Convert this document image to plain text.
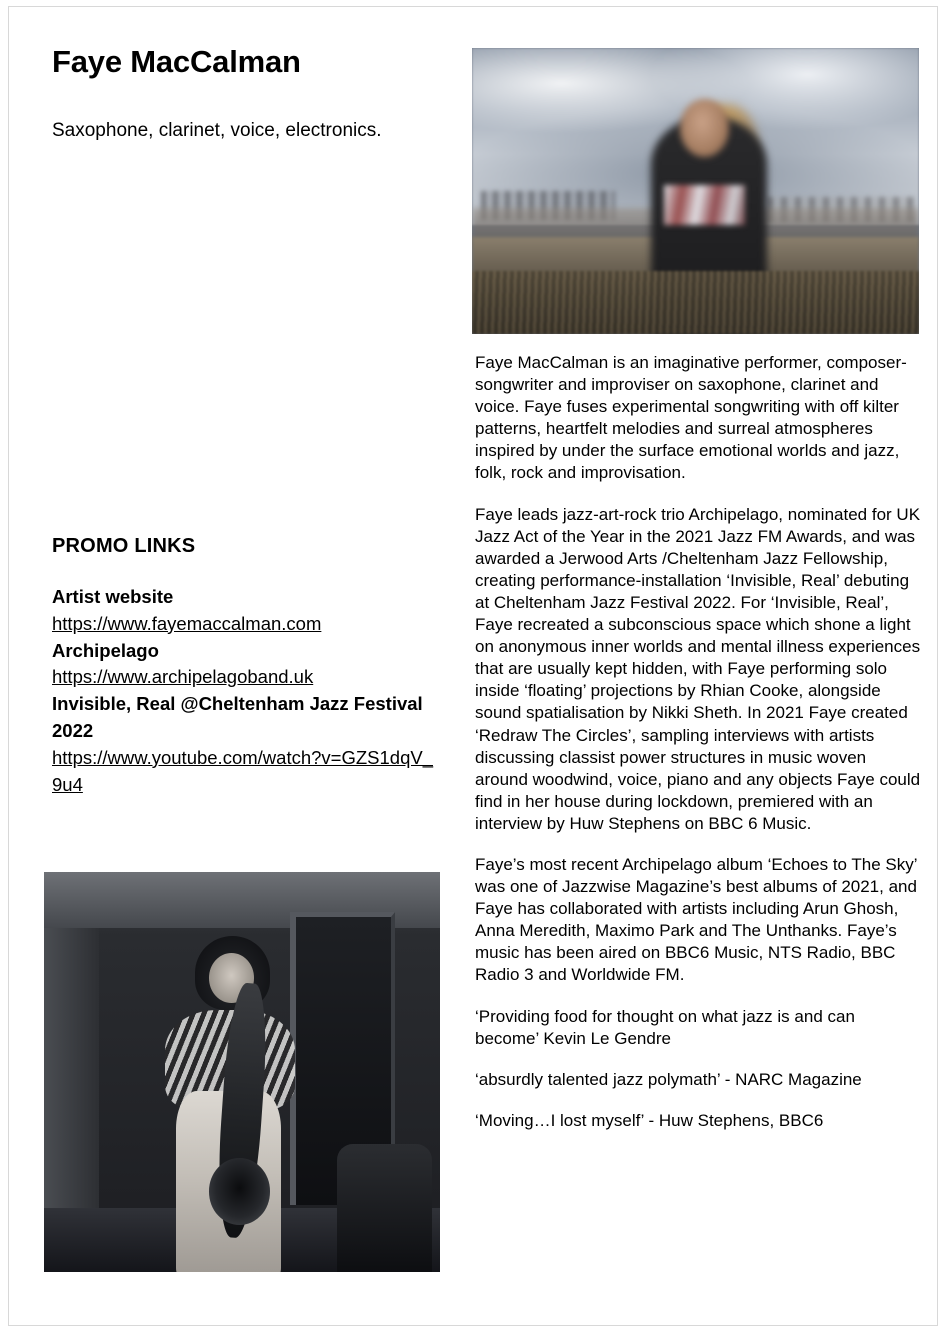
Faye MacCalman

Saxophone, clarinet, voice, electronics.

PROMO LINKS

Artist website

https://www.fayemaccalman.com

Archipelago

https://www.archipelagoband.uk

Invisible, Real @Cheltenham Jazz Festival 2022

https://www.youtube.com/watch?v=GZS1dqV_9u4

Faye MacCalman is an imaginative performer, composer-songwriter and improviser on saxophone, clarinet and voice. Faye fuses experimental songwriting with off kilter patterns, heartfelt melodies and surreal atmospheres inspired by under the surface emotional worlds and jazz, folk, rock and improvisation.

Faye leads jazz-art-rock trio Archipelago, nominated for UK Jazz Act of the Year in the 2021 Jazz FM Awards, and was awarded a Jerwood Arts /Cheltenham Jazz Fellowship, creating performance-installation ‘Invisible, Real’ debuting at Cheltenham Jazz Festival 2022. For ‘Invisible, Real’, Faye recreated a subconscious space which shone a light on anonymous inner worlds and mental illness experiences that are usually kept hidden, with Faye performing solo inside ‘floating’ projections by Rhian Cooke, alongside sound spatialisation by Nikki Sheth. In 2021 Faye created ‘Redraw The Circles’, sampling interviews with artists discussing classist power structures in music woven around woodwind, voice, piano and any objects Faye could find in her house during lockdown, premiered with an interview by Huw Stephens on BBC 6 Music.

Faye’s most recent Archipelago album ‘Echoes to The Sky’ was one of Jazzwise Magazine’s best albums of 2021, and Faye has collaborated with artists including Arun Ghosh, Anna Meredith, Maximo Park and The Unthanks. Faye’s music has been aired on BBC6 Music, NTS Radio, BBC Radio 3 and Worldwide FM.

‘Providing food for thought on what jazz is and can become’ Kevin Le Gendre

‘absurdly talented jazz polymath’ - NARC Magazine

‘Moving…I lost myself’ - Huw Stephens, BBC6
